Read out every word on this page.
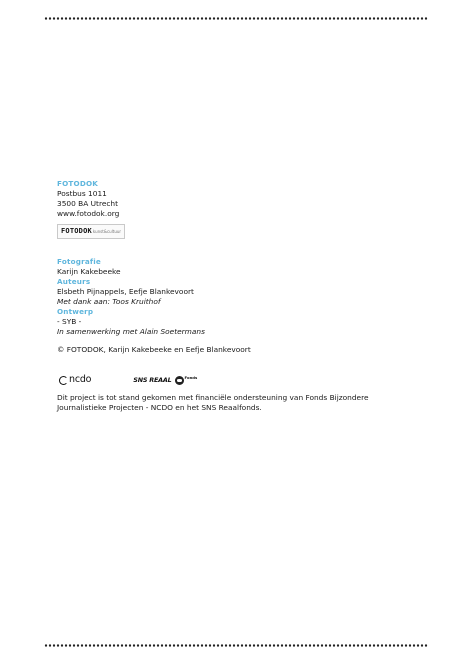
FOTODOK
Postbus 1011
3500 BA Utrecht
www.fotodok.org
FOTODOK kunst&cultuur
Fotografie
Karijn Kakebeeke
Auteurs
Elsbeth Pijnappels, Eefje Blankevoort
Met dank aan: Toos Kruithof
Ontwerp
- SYB -
In samenwerking met Alain Soetermans
© FOTODOK, Karijn Kakebeeke en Eefje Blankevoort
ncdo	SNS REAAL	Fonds
Dit project is tot stand gekomen met financiële ondersteuning van Fonds Bijzondere
Journalistieke Projecten - NCDO en het SNS Reaalfonds.
